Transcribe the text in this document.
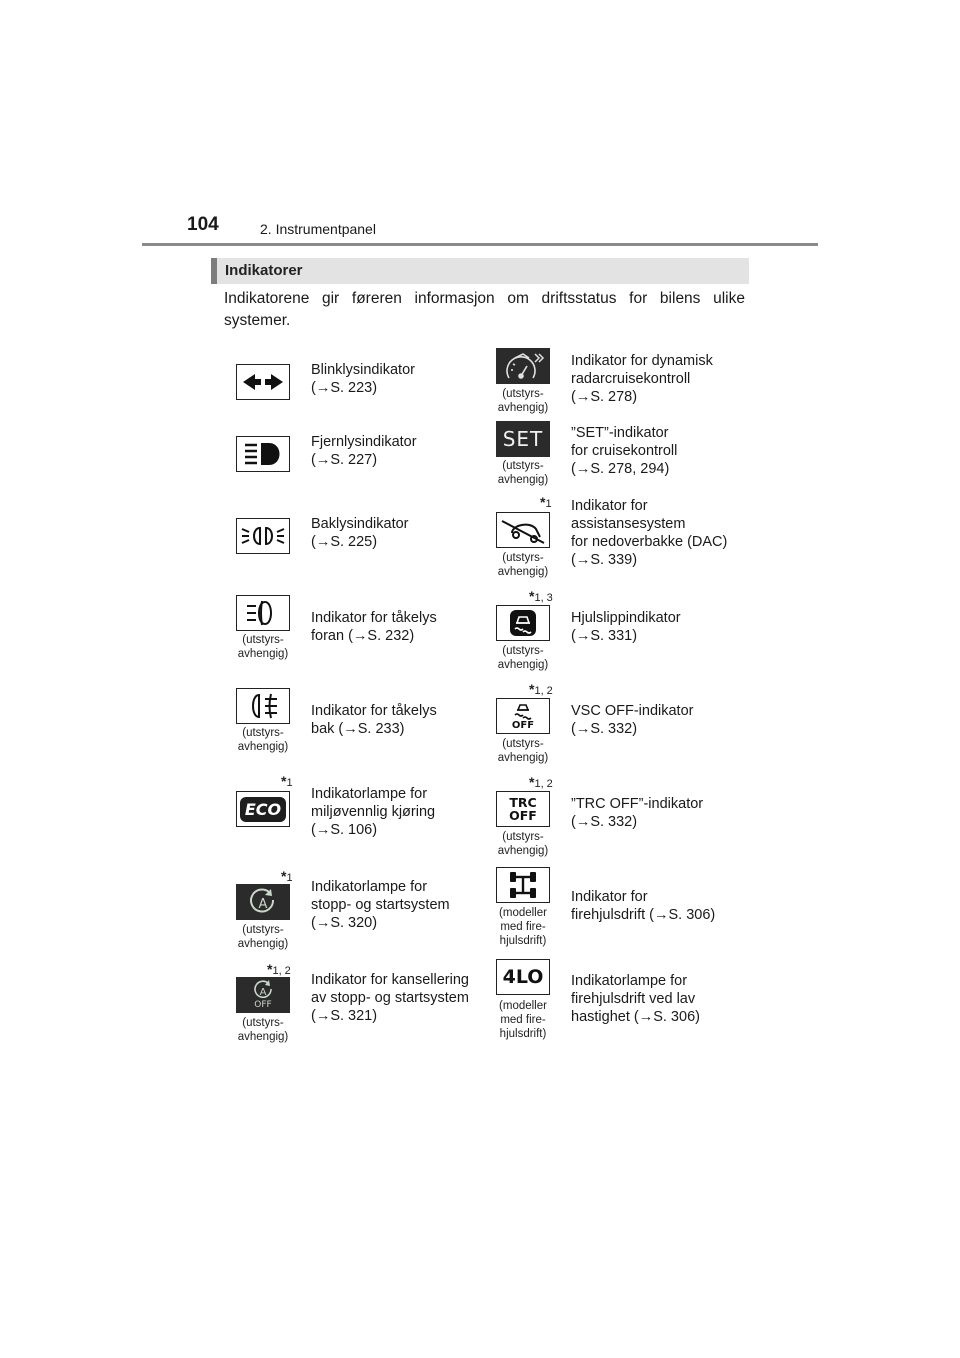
104	2. Instrumentpanel
Indikatorer
Indikatorene gir føreren informasjon om driftsstatus for bilens ulike systemer.
Blinklysindikator
(→S. 223)
Fjernlysindikator
(→S. 227)
Baklysindikator
(→S. 225)
(utstyrs-
avhengig)
Indikator for tåkelys
foran (→S. 232)
(utstyrs-
avhengig)
Indikator for tåkelys
bak (→S. 233)
*1
ECO
Indikatorlampe for
miljøvennlig kjøring
(→S. 106)
*1
A
(utstyrs-
avhengig)
Indikatorlampe for
stopp- og startsystem
(→S. 320)
*1, 2
A
OFF
(utstyrs-
avhengig)
Indikator for kansellering
av stopp- og startsystem
(→S. 321)
(utstyrs-
avhengig)
Indikator for dynamisk
radarcruisekontroll
(→S. 278)
SET
(utstyrs-
avhengig)
”SET”-indikator
for cruisekontroll
(→S. 278, 294)
*1
(utstyrs-
avhengig)
Indikator for
assistansesystem
for nedoverbakke (DAC)
(→S. 339)
*1, 3
(utstyrs-
avhengig)
Hjulslippindikator
(→S. 331)
*1, 2
OFF
(utstyrs-
avhengig)
VSC OFF-indikator
(→S. 332)
*1, 2
TRC
OFF
(utstyrs-
avhengig)
”TRC OFF”-indikator
(→S. 332)
(modeller
med fire-
hjulsdrift)
Indikator for
firehjulsdrift (→S. 306)
4LO
(modeller
med fire-
hjulsdrift)
Indikatorlampe for
firehjulsdrift ved lav
hastighet (→S. 306)
